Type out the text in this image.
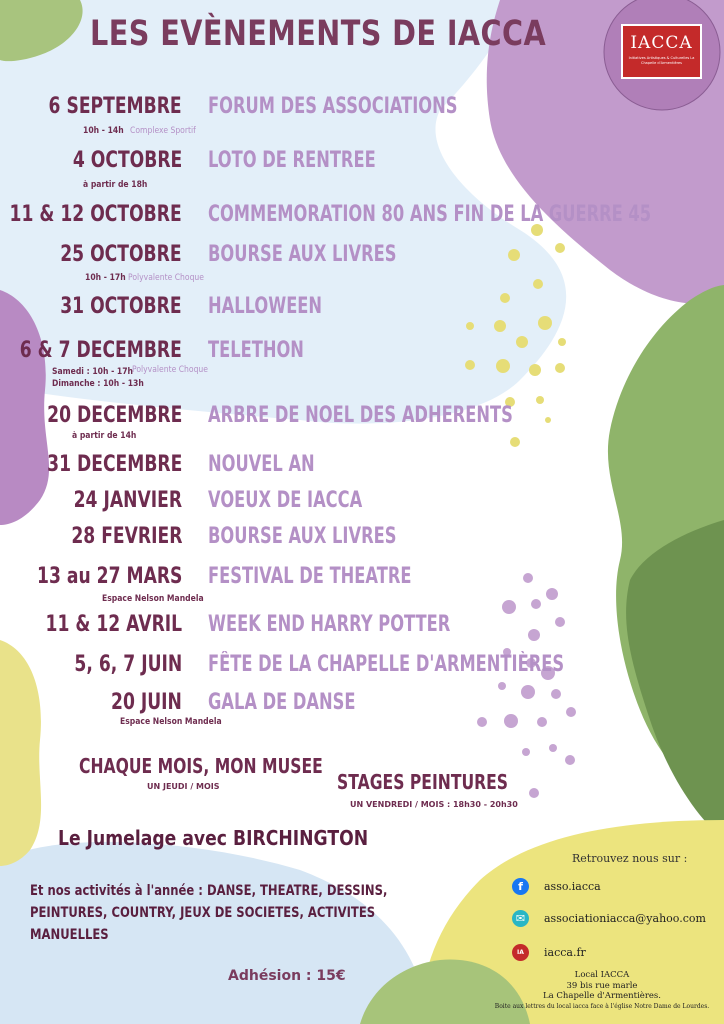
LES EVÈNEMENTS DE IACCA	IACCA
Initiatives Artistiques & Culturelles La Chapelle d'Armentières
6 SEPTEMBRE FORUM DES ASSOCIATIONS
10h - 14h Complexe Sportif
4 OCTOBRE LOTO DE RENTREE
à partir de 18h
11 & 12 OCTOBRE COMMEMORATION 80 ANS FIN DE LA GUERRE 45
25 OCTOBRE BOURSE AUX LIVRES
10h - 17h Polyvalente Choque
31 OCTOBRE HALLOWEEN
6 & 7 DECEMBRE TELETHON
Samedi : 10h - 17h
Dimanche : 10h - 13h
Polyvalente Choque
20 DECEMBRE ARBRE DE NOEL DES ADHERENTS
à partir de 14h
31 DECEMBRE NOUVEL AN
24 JANVIER VOEUX DE IACCA
28 FEVRIER BOURSE AUX LIVRES
13 au 27 MARS FESTIVAL DE THEATRE
Espace Nelson Mandela
11 & 12 AVRIL WEEK END HARRY POTTER
5, 6, 7 JUIN FÊTE DE LA CHAPELLE D'ARMENTIÈRES
20 JUIN GALA DE DANSE
Espace Nelson Mandela
CHAQUE MOIS, MON MUSEE
UN JEUDI / MOIS	STAGES PEINTURES
UN VENDREDI / MOIS : 18h30 - 20h30
Le Jumelage avec BIRCHINGTON
Et nos activités à l'année : DANSE, THEATRE, DESSINS, PEINTURES, COUNTRY, JEUX DE SOCIETES, ACTIVITES MANUELLES
Adhésion : 15€
Retrouvez nous sur :
f	asso.iacca
✉	associationiacca@yahoo.com
IA	iacca.fr
Local IACCA
39 bis rue marle
La Chapelle d'Armentières.
Boite aux lettres du local iacca face à l'église Notre Dame de Lourdes.
